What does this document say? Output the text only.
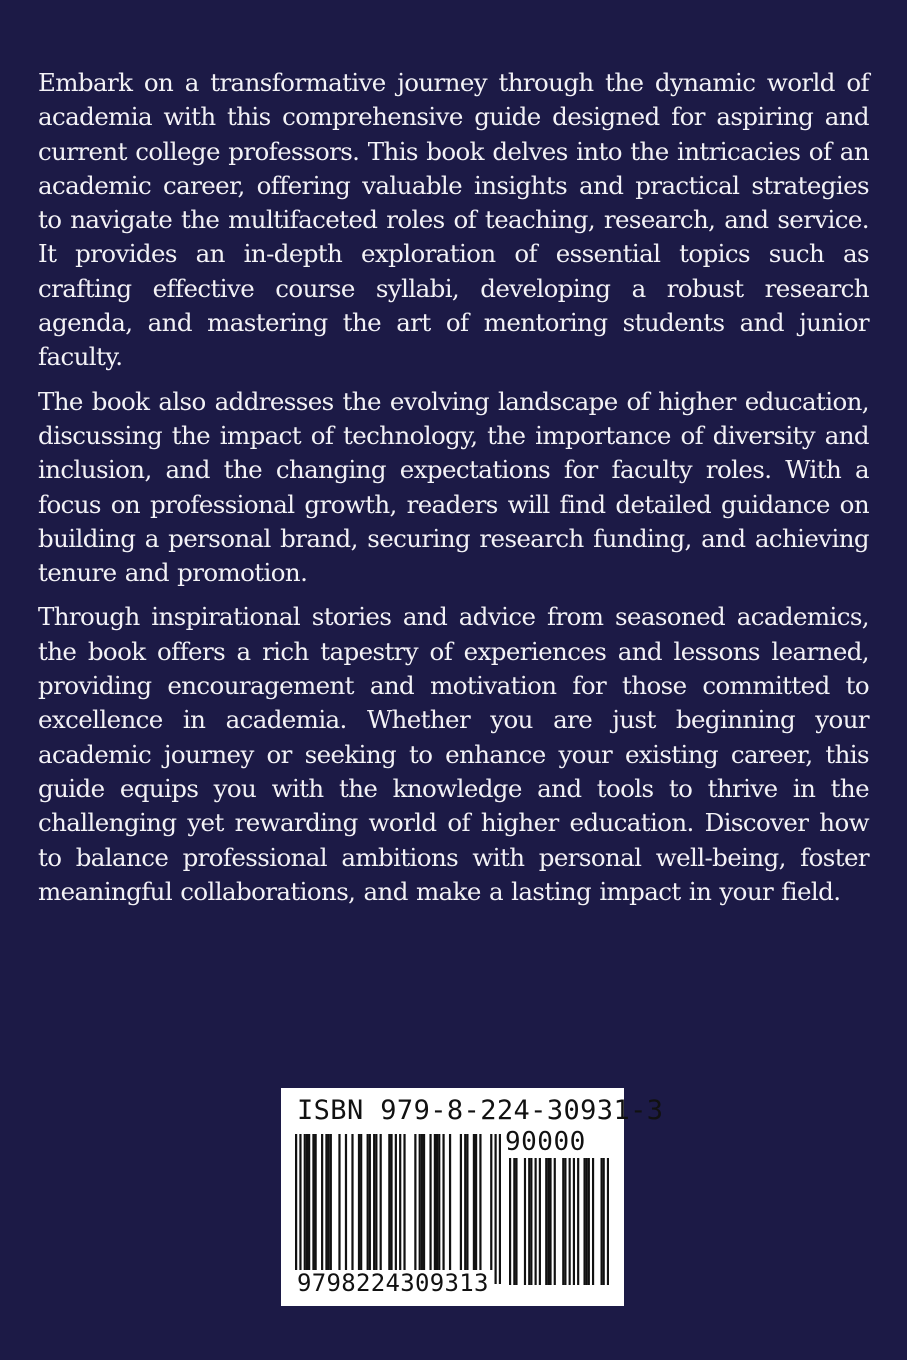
Embark on a transformative journey through the dynamic world of academia with this comprehensive guide designed for aspiring and current college professors. This book delves into the intricacies of an academic career, offering valuable insights and practical strategies to navigate the multifaceted roles of teaching, research, and service. It provides an in-depth exploration of essential topics such as crafting effective course syllabi, developing a robust research agenda, and mastering the art of mentoring students and junior faculty.

The book also addresses the evolving landscape of higher education, discussing the impact of technology, the importance of diversity and inclusion, and the changing expectations for faculty roles. With a focus on professional growth, readers will find detailed guidance on building a personal brand, securing research funding, and achieving tenure and promotion.

Through inspirational stories and advice from seasoned academics, the book offers a rich tapestry of experiences and lessons learned, providing encouragement and motivation for those committed to excellence in academia. Whether you are just beginning your academic journey or seeking to enhance your existing career, this guide equips you with the knowledge and tools to thrive in the challenging yet rewarding world of higher education. Discover how to balance professional ambitions with personal well-being, foster meaningful collaborations, and make a lasting impact in your field.

ISBN 979-8-224-30931-3
90000
9798224309313
